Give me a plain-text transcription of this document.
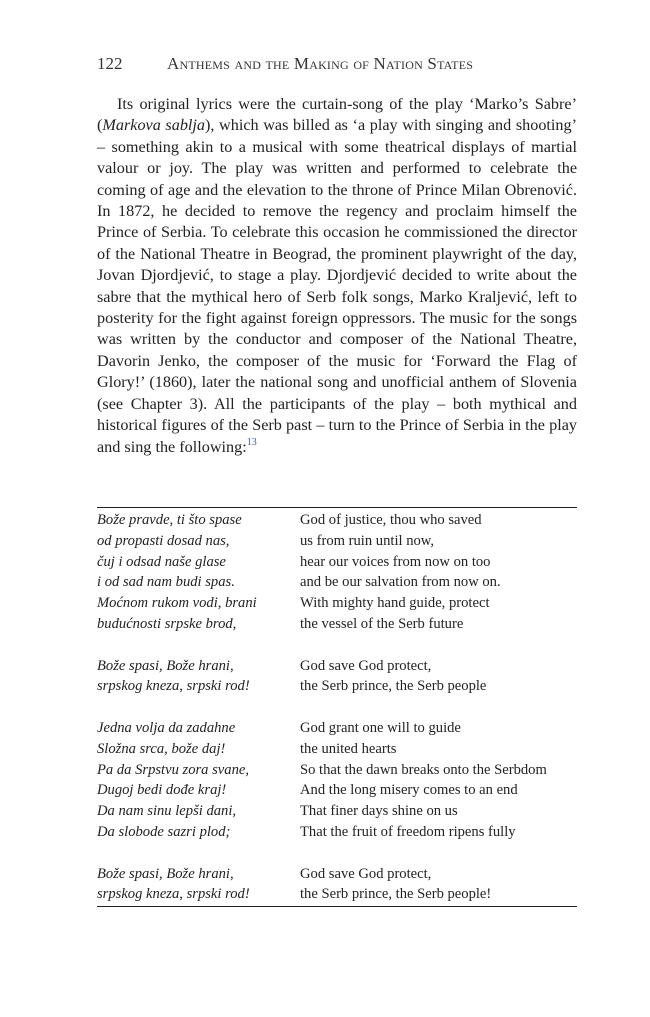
122	Anthems and the Making of Nation States

Its original lyrics were the curtain-song of the play ‘Marko’s Sabre’ (Markova sablja), which was billed as ‘a play with singing and shooting’ – something akin to a musical with some theatrical displays of martial valour or joy. The play was written and performed to celebrate the coming of age and the elevation to the throne of Prince Milan Obrenović. In 1872, he decided to remove the regency and proclaim himself the Prince of Serbia. To celebrate this occasion he commissioned the director of the National Theatre in Beograd, the prominent playwright of the day, Jovan Djordjević, to stage a play. Djordjević decided to write about the sabre that the mythical hero of Serb folk songs, Marko Kraljević, left to posterity for the fight against foreign oppressors. The music for the songs was written by the conductor and composer of the National Theatre, Davorin Jenko, the composer of the music for ‘Forward the Flag of Glory!’ (1860), later the national song and unofficial anthem of Slovenia (see Chapter 3). All the participants of the play – both mythical and historical figures of the Serb past – turn to the Prince of Serbia in the play and sing the following:$^{13}$

Bože pravde, ti što spase	God of justice, thou who saved
od propasti dosad nas,	us from ruin until now,
čuj i odsad naše glase	hear our voices from now on too
i od sad nam budi spas.	and be our salvation from now on.
Moćnom rukom vodi, brani	With mighty hand guide, protect
budućnosti srpske brod,	the vessel of the Serb future
Bože spasi, Bože hrani,	God save God protect,
srpskog kneza, srpski rod!	the Serb prince, the Serb people
Jedna volja da zadahne	God grant one will to guide
Složna srca, bože daj!	the united hearts
Pa da Srpstvu zora svane,	So that the dawn breaks onto the Serbdom
Dugoj bedi dođe kraj!	And the long misery comes to an end
Da nam sinu lepši dani,	That finer days shine on us
Da slobode sazri plod;	That the fruit of freedom ripens fully
Bože spasi, Bože hrani,	God save God protect,
srpskog kneza, srpski rod!	the Serb prince, the Serb people!
